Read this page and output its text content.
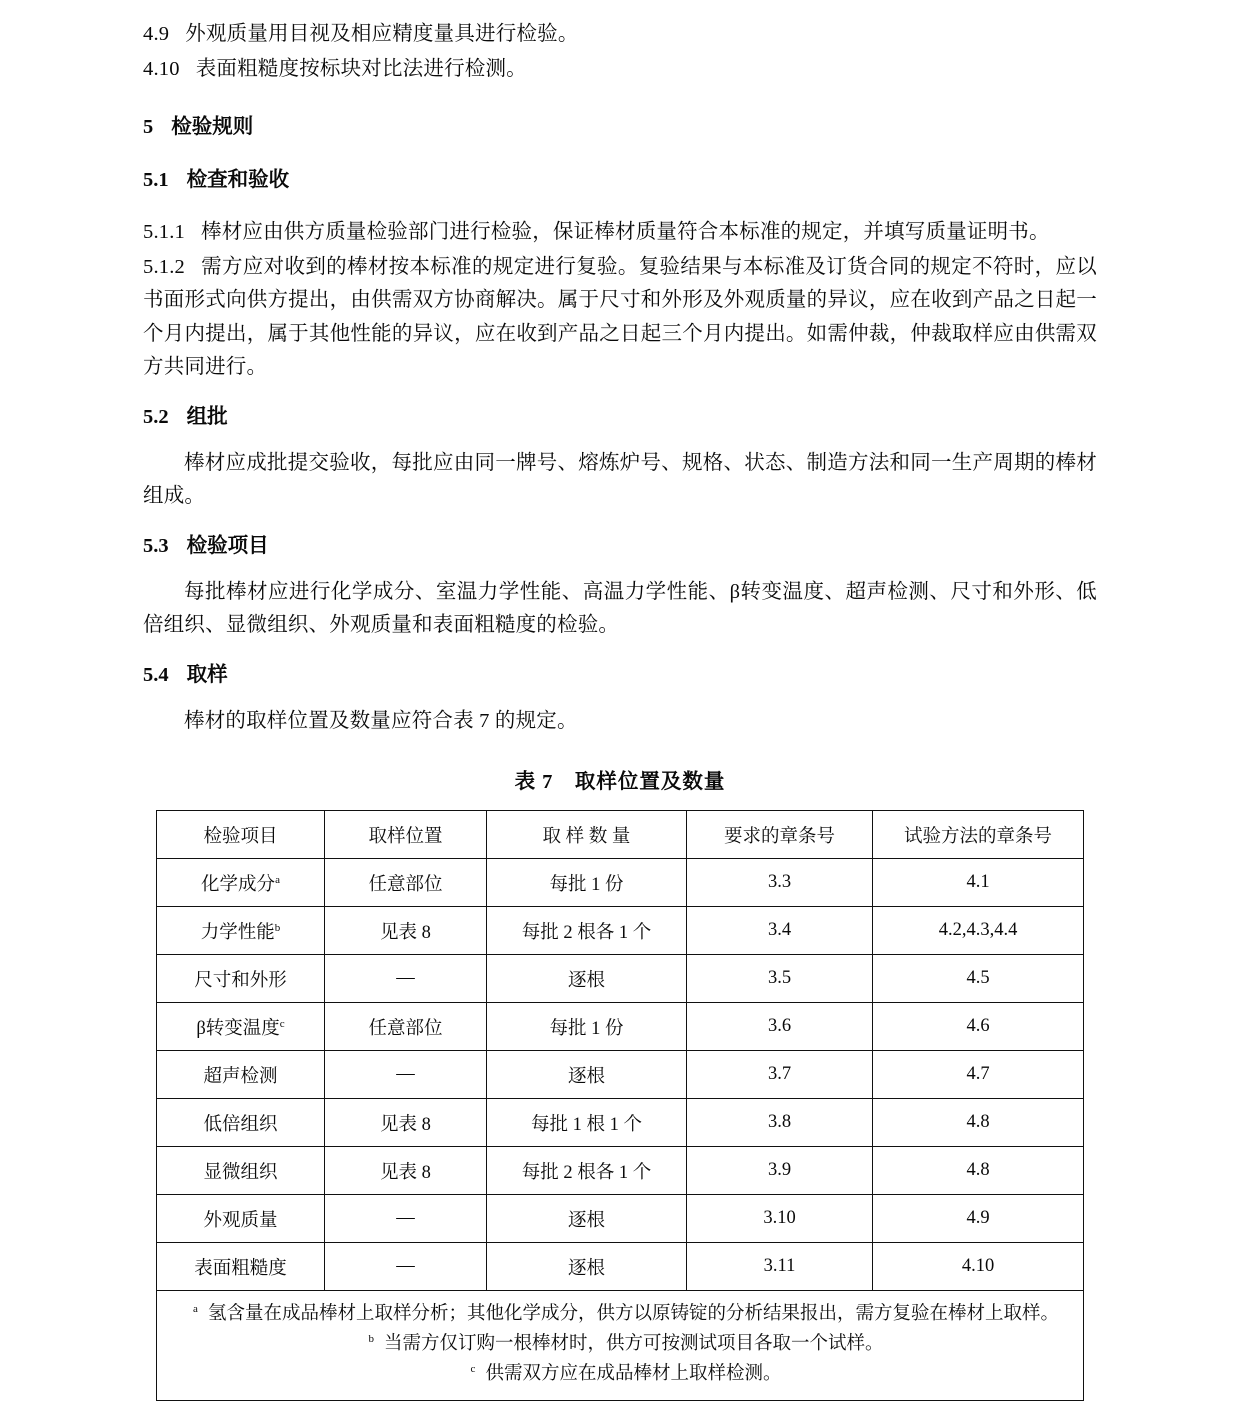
4.9 外观质量用目视及相应精度量具进行检验。

4.10 表面粗糙度按标块对比法进行检测。

5 检验规则

5.1 检查和验收

5.1.1 棒材应由供方质量检验部门进行检验，保证棒材质量符合本标准的规定，并填写质量证明书。

5.1.2 需方应对收到的棒材按本标准的规定进行复验。复验结果与本标准及订货合同的规定不符时，应以书面形式向供方提出，由供需双方协商解决。属于尺寸和外形及外观质量的异议，应在收到产品之日起一个月内提出，属于其他性能的异议，应在收到产品之日起三个月内提出。如需仲裁，仲裁取样应由供需双方共同进行。

5.2 组批

棒材应成批提交验收，每批应由同一牌号、熔炼炉号、规格、状态、制造方法和同一生产周期的棒材组成。

5.3 检验项目

每批棒材应进行化学成分、室温力学性能、高温力学性能、β转变温度、超声检测、尺寸和外形、低倍组织、显微组织、外观质量和表面粗糙度的检验。

5.4 取样

棒材的取样位置及数量应符合表 7 的规定。

表 7　取样位置及数量

检验项目	取样位置	取 样 数 量	要求的章条号	试验方法的章条号
化学成分$^a$	任意部位	每批 1 份	3.3	4.1
力学性能$^b$	见表 8	每批 2 根各 1 个	3.4	4.2,4.3,4.4
尺寸和外形	—	逐根	3.5	4.5
β转变温度$^c$	任意部位	每批 1 份	3.6	4.6
超声检测	—	逐根	3.7	4.7
低倍组织	见表 8	每批 1 根 1 个	3.8	4.8
显微组织	见表 8	每批 2 根各 1 个	3.9	4.8
外观质量	—	逐根	3.10	4.9
表面粗糙度	—	逐根	3.11	4.10

$^a$ 氢含量在成品棒材上取样分析；其他化学成分，供方以原铸锭的分析结果报出，需方复验在棒材上取样。
$^b$ 当需方仅订购一根棒材时，供方可按测试项目各取一个试样。
$^c$ 供需双方应在成品棒材上取样检测。				
